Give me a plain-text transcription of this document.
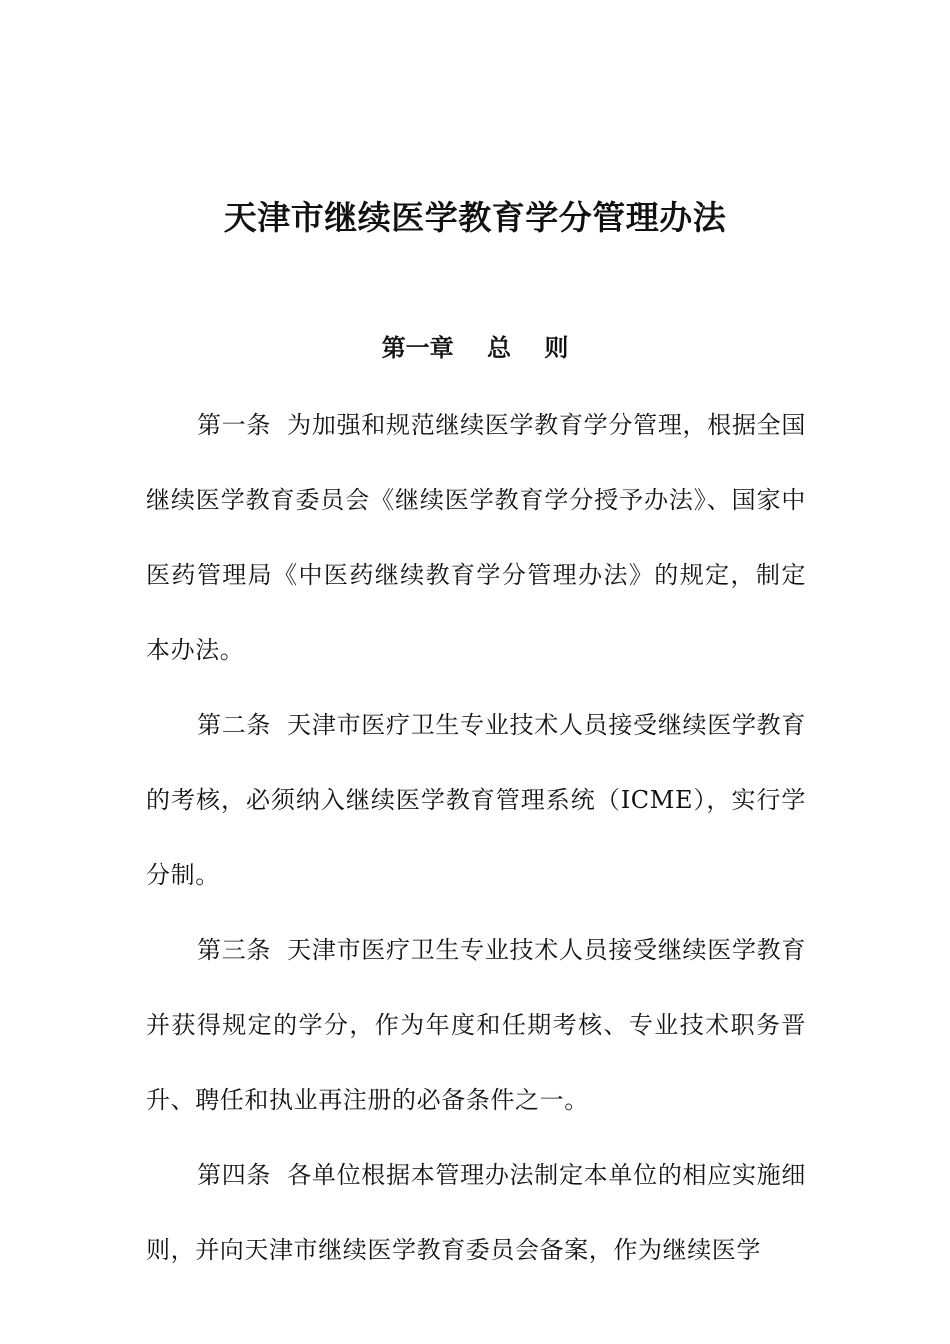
天津市继续医学教育学分管理办法
第一章    总    则

第一条 为加强和规范继续医学教育学分管理，根据全国继续医学教育委员会《继续医学教育学分授予办法》、国家中医药管理局《中医药继续教育学分管理办法》的规定，制定本办法。

第二条 天津市医疗卫生专业技术人员接受继续医学教育的考核，必须纳入继续医学教育管理系统（ICME），实行学分制。

第三条 天津市医疗卫生专业技术人员接受继续医学教育并获得规定的学分，作为年度和任期考核、专业技术职务晋升、聘任和执业再注册的必备条件之一。

第四条 各单位根据本管理办法制定本单位的相应实施细则，并向天津市继续医学教育委员会备案，作为继续医学
